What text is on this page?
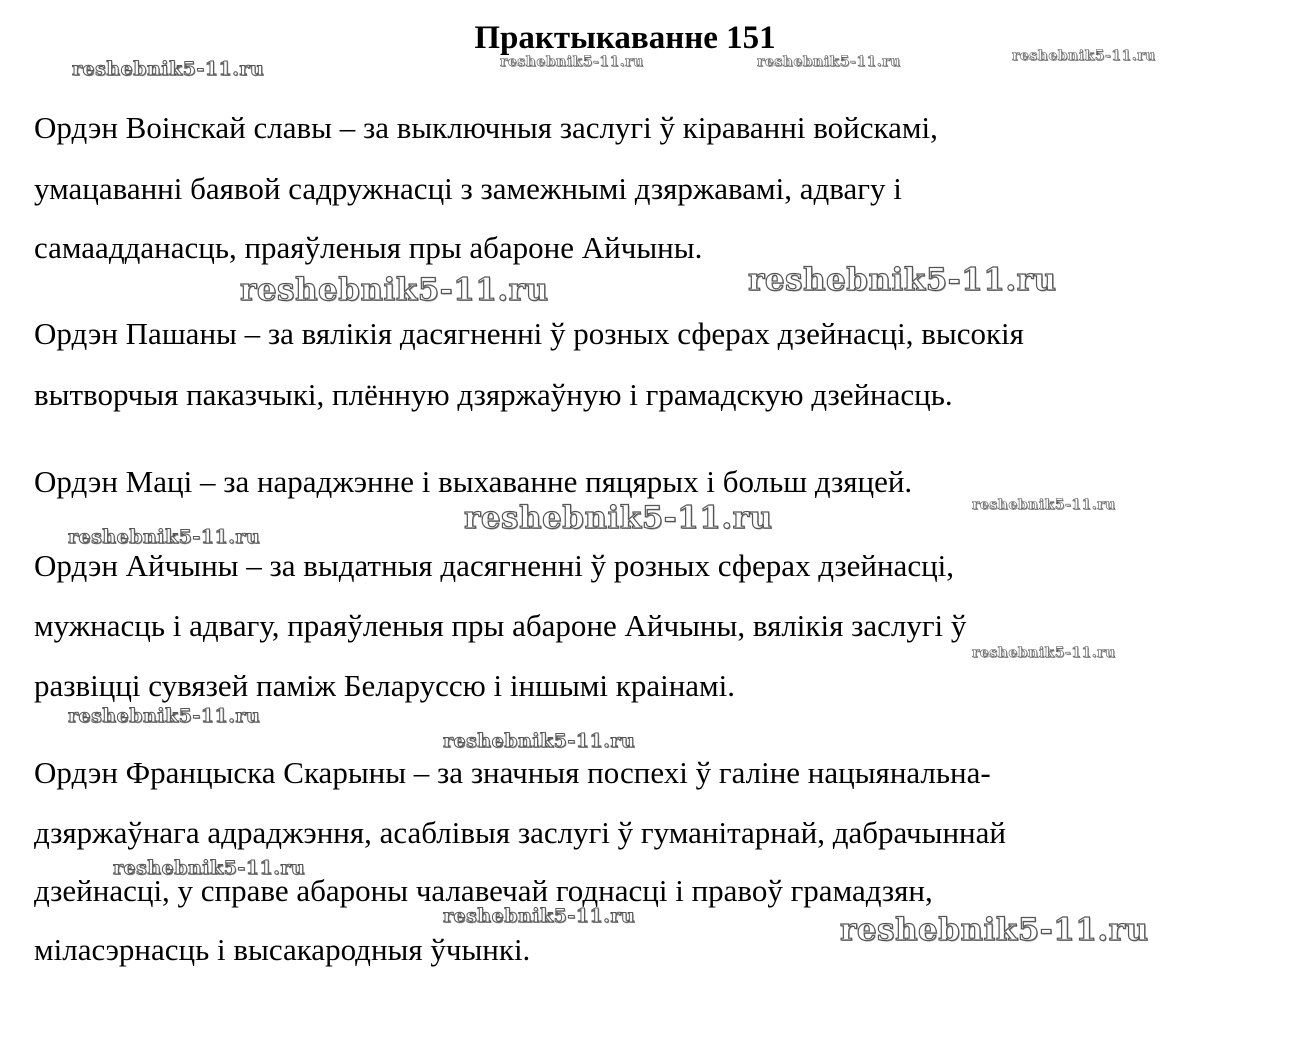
Практыкаванне 151
Ордэн Воінскай славы – за выключныя заслугі ў кіраванні войскамі,
умацаванні баявой садружнасці з замежнымі дзяржавамі, адвагу і
самаадданасць, праяўленыя пры абароне Айчыны.
Ордэн Пашаны – за вялікія дасягненні ў розных сферах дзейнасці, высокія
вытворчыя паказчыкі, плённую дзяржаўную і грамадскую дзейнасць.
Ордэн Маці – за нараджэнне і выхаванне пяцярых і больш дзяцей.
Ордэн Айчыны – за выдатныя дасягненні ў розных сферах дзейнасці,
мужнасць і адвагу, праяўленыя пры абароне Айчыны, вялікія заслугі ў
развіцці сувязей паміж Беларуссю і іншымі краінамі.
Ордэн Францыска Скарыны – за значныя поспехі ў галіне нацыянальна-
дзяржаўнага адраджэння, асаблівыя заслугі ў гуманітарнай, дабрачыннай
дзейнасці, у справе абароны чалавечай годнасці і правоў грамадзян,
міласэрнасць і высакародныя ўчынкі.
reshebnik5-11.ru	reshebnik5-11.ru	reshebnik5-11.ru	reshebnik5-11.ru
reshebnik5-11.ru	reshebnik5-11.ru
reshebnik5-11.ru	reshebnik5-11.ru
reshebnik5-11.ru
reshebnik5-11.ru
reshebnik5-11.ru
reshebnik5-11.ru
reshebnik5-11.ru
reshebnik5-11.ru	reshebnik5-11.ru
